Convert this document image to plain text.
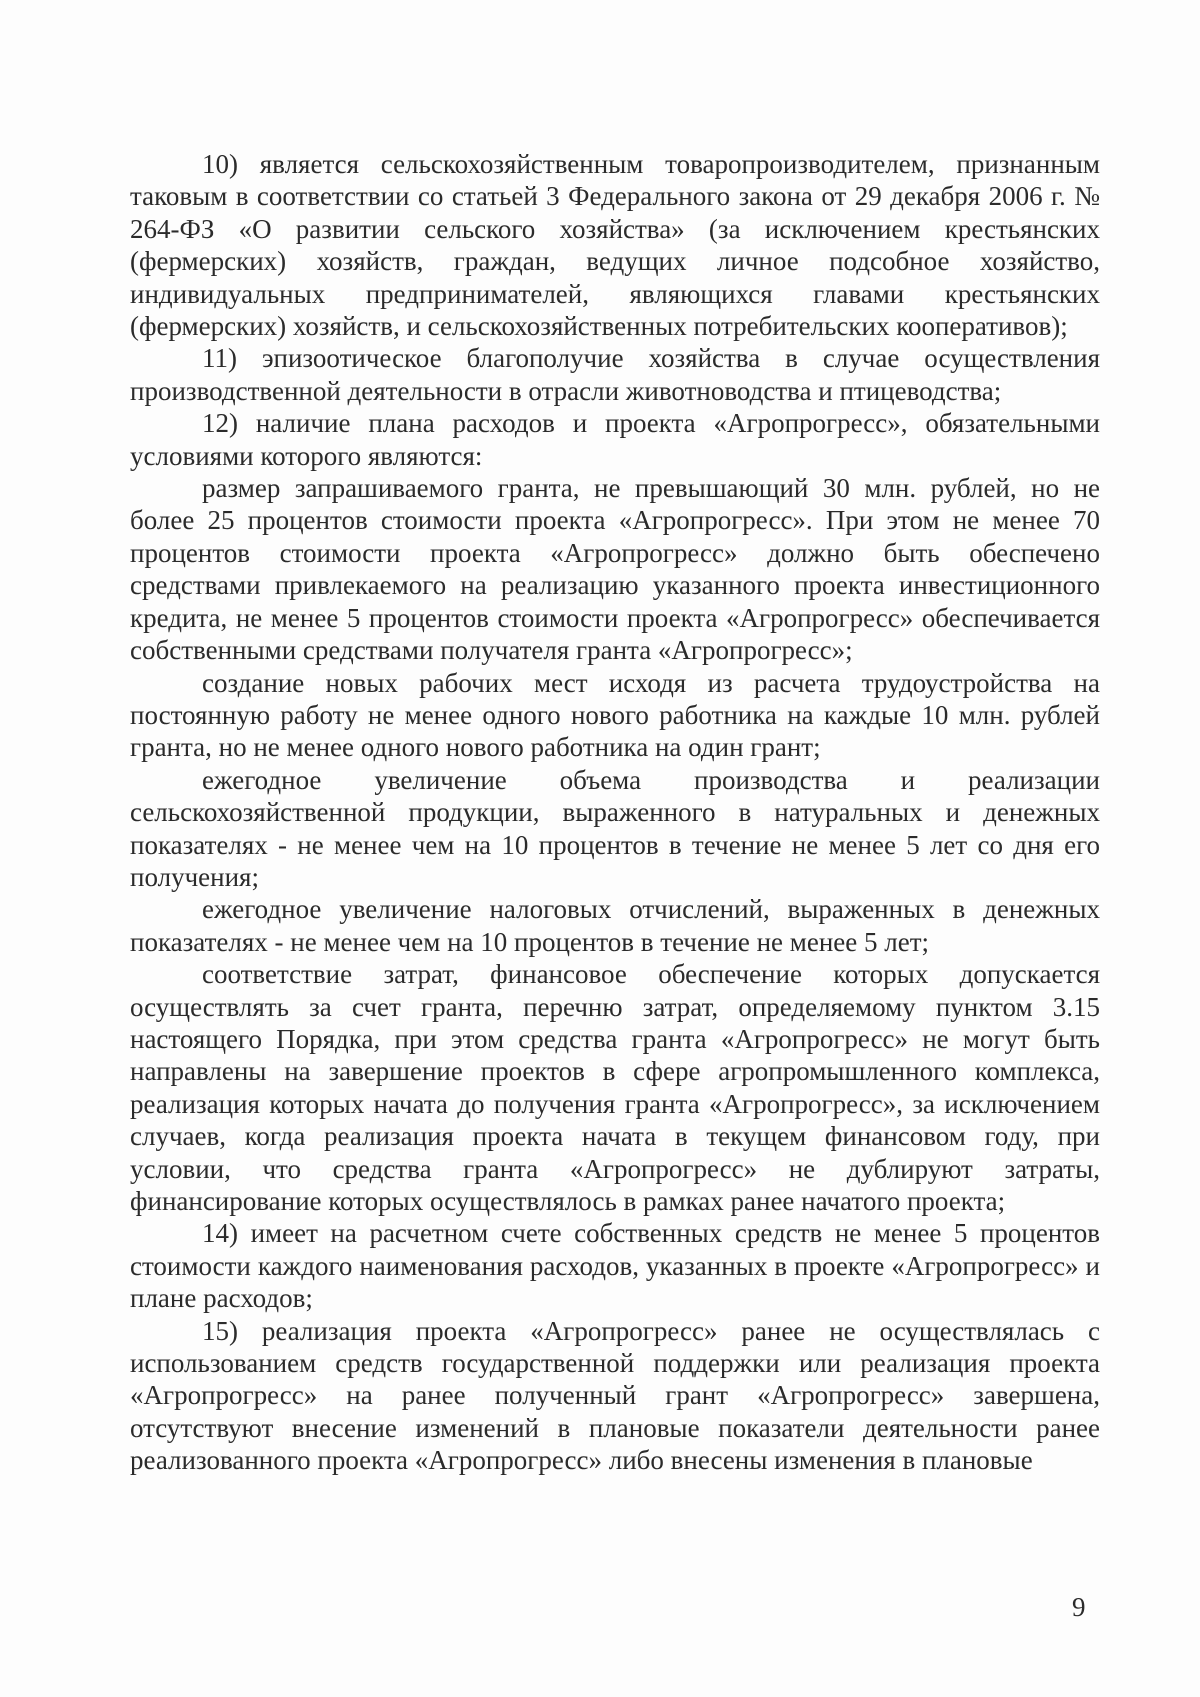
10) является сельскохозяйственным товаропроизводителем, признанным таковым в соответствии со статьей 3 Федерального закона от 29 декабря 2006 г. № 264-ФЗ «О развитии сельского хозяйства» (за исключением крестьянских (фермерских) хозяйств, граждан, ведущих личное подсобное хозяйство, индивидуальных предпринимателей, являющихся главами крестьянских (фермерских) хозяйств, и сельскохозяйственных потребительских кооперативов);

11) эпизоотическое благополучие хозяйства в случае осуществления производственной деятельности в отрасли животноводства и птицеводства;

12) наличие плана расходов и проекта «Агропрогресс», обязательными условиями которого являются:

размер запрашиваемого гранта, не превышающий 30 млн. рублей, но не более 25 процентов стоимости проекта «Агропрогресс». При этом не менее 70 процентов стоимости проекта «Агропрогресс» должно быть обеспечено средствами привлекаемого на реализацию указанного проекта инвестиционного кредита, не менее 5 процентов стоимости проекта «Агропрогресс» обеспечивается собственными средствами получателя гранта «Агропрогресс»;

создание новых рабочих мест исходя из расчета трудоустройства на постоянную работу не менее одного нового работника на каждые 10 млн. рублей гранта, но не менее одного нового работника на один грант;

ежегодное увеличение объема производства и реализации сельскохозяйственной продукции, выраженного в натуральных и денежных показателях - не менее чем на 10 процентов в течение не менее 5 лет со дня его получения;

ежегодное увеличение налоговых отчислений, выраженных в денежных показателях - не менее чем на 10 процентов в течение не менее 5 лет;

соответствие затрат, финансовое обеспечение которых допускается осуществлять за счет гранта, перечню затрат, определяемому пунктом 3.15 настоящего Порядка, при этом средства гранта «Агропрогресс» не могут быть направлены на завершение проектов в сфере агропромышленного комплекса, реализация которых начата до получения гранта «Агропрогресс», за исключением случаев, когда реализация проекта начата в текущем финансовом году, при условии, что средства гранта «Агропрогресс» не дублируют затраты, финансирование которых осуществлялось в рамках ранее начатого проекта;

14) имеет на расчетном счете собственных средств не менее 5 процентов стоимости каждого наименования расходов, указанных в проекте «Агропрогресс» и плане расходов;

15) реализация проекта «Агропрогресс» ранее не осуществлялась с использованием средств государственной поддержки или реализация проекта «Агропрогресс» на ранее полученный грант «Агропрогресс» завершена, отсутствуют внесение изменений в плановые показатели деятельности ранее реализованного проекта «Агропрогресс» либо внесены изменения в плановые

9
